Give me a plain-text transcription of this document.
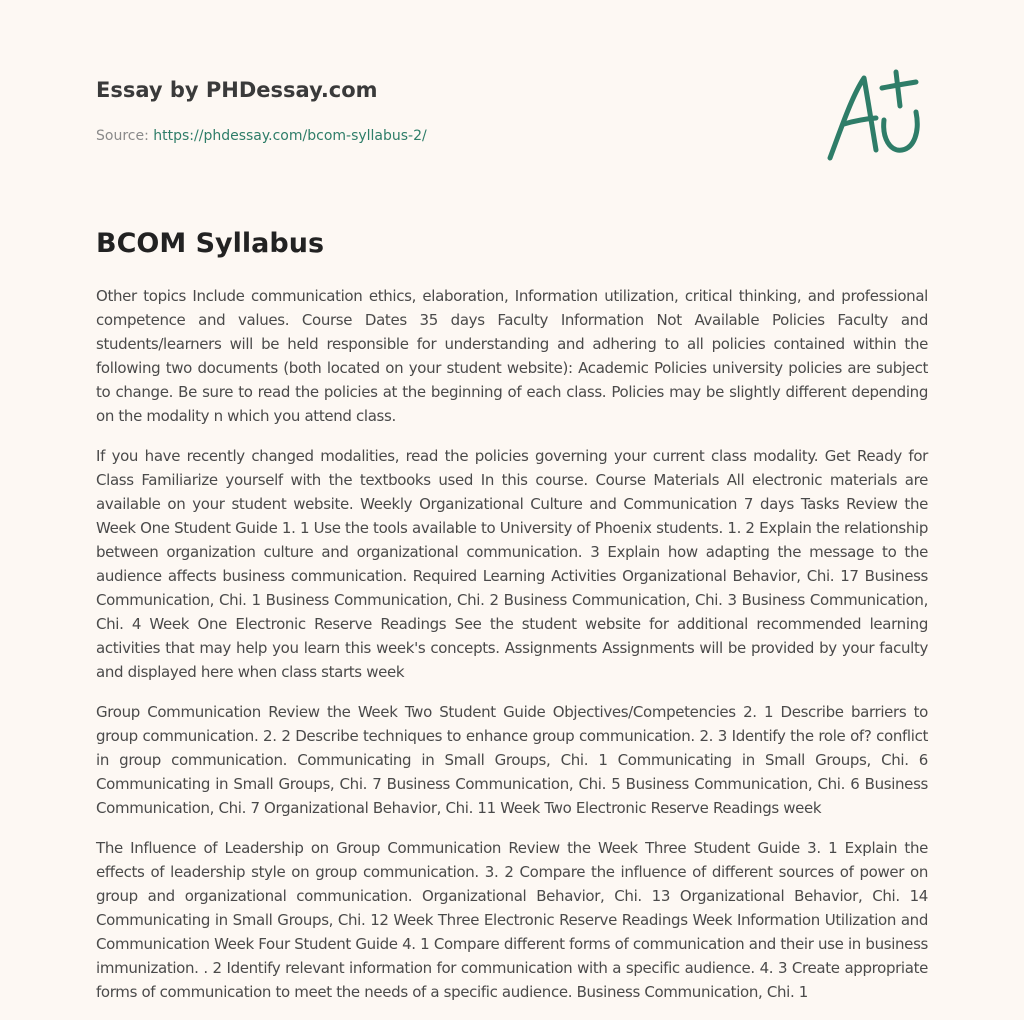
Essay by PHDessay.com
Source: https://phdessay.com/bcom-syllabus-2/
BCOM Syllabus

Other topics Include communication ethics, elaboration, Information utilization, critical thinking, and professional competence and values. Course Dates 35 days Faculty Information Not Available Policies Faculty and students/learners will be held responsible for understanding and adhering to all policies contained within the following two documents (both located on your student website): Academic Policies university policies are subject to change. Be sure to read the policies at the beginning of each class. Policies may be slightly different depending on the modality n which you attend class.

If you have recently changed modalities, read the policies governing your current class modality. Get Ready for Class Familiarize yourself with the textbooks used In this course. Course Materials All electronic materials are available on your student website. Weekly Organizational Culture and Communication 7 days Tasks Review the Week One Student Guide 1. 1 Use the tools available to University of Phoenix students. 1. 2 Explain the relationship between organization culture and organizational communication. 3 Explain how adapting the message to the audience affects business communication. Required Learning Activities Organizational Behavior, Chi. 17 Business Communication, Chi. 1 Business Communication, Chi. 2 Business Communication, Chi. 3 Business Communication, Chi. 4 Week One Electronic Reserve Readings See the student website for additional recommended learning activities that may help you learn this week's concepts. Assignments Assignments will be provided by your faculty and displayed here when class starts week

Group Communication Review the Week Two Student Guide Objectives/Competencies 2. 1 Describe barriers to group communication. 2. 2 Describe techniques to enhance group communication. 2. 3 Identify the role of? conflict in group communication. Communicating in Small Groups, Chi. 1 Communicating in Small Groups, Chi. 6 Communicating in Small Groups, Chi. 7 Business Communication, Chi. 5 Business Communication, Chi. 6 Business Communication, Chi. 7 Organizational Behavior, Chi. 11 Week Two Electronic Reserve Readings week

The Influence of Leadership on Group Communication Review the Week Three Student Guide 3. 1 Explain the effects of leadership style on group communication. 3. 2 Compare the influence of different sources of power on group and organizational communication. Organizational Behavior, Chi. 13 Organizational Behavior, Chi. 14 Communicating in Small Groups, Chi. 12 Week Three Electronic Reserve Readings Week Information Utilization and Communication Week Four Student Guide 4. 1 Compare different forms of communication and their use in business immunization. . 2 Identify relevant information for communication with a specific audience. 4. 3 Create appropriate forms of communication to meet the needs of a specific audience. Business Communication, Chi. 1
